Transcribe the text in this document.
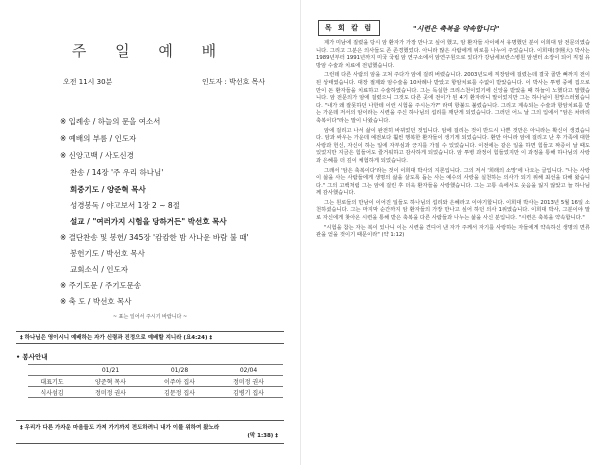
주 일 예 배
오전 11시 30분	인도자 : 박선호 목사
※ 입례송 / 하늘의 문을 여소서
※ 예배의 부름 / 인도자
※ 신앙고백 / 사도신경
찬송 / 14장 '주 우리 하나님'
회중기도 / 양준혁 목사
성경봉독 / 야고보서 1장 2 ~ 8절
설교 / "여러가지 시험을 당하거든" 박선호 목사
※ 결단찬송 및 봉헌/ 345장 '캄캄한 밤 사나운 바람 불 때'
봉헌기도 / 박선호 목사
교회소식 / 인도자
※ 주기도문 / 주기도문송
※ 축 도 / 박선호 목사
~ 표는 일어서 주시기 바랍니다 ~
‡ 하나님은 영이시니 예배하는 자가 신령과 진정으로 예배할 지니라 (요4:24) ‡
• 봉사안내
	01/21	01/28	02/04
대표기도	양준혁 목사	이주아 집사	정미정 권사
식사섬김	정미정 권사	김문정 집사	김병기 집사
‡ 우리가 다른 가자운 마음들도 가져 가기까지 전도하려니 내가 이를 위하여 왔노라
(막 1:38) ‡
목 회 칼 럼	"시련은 축복을 약속합니다"

제가 미남에 질렸을 당시 암 환자가 가장 만나고 싶어 했고, 암 환자들 사이에서 유명했던 분이 이희대 암 전문의였습니다. 그리고 그분은 의사들도 존 존경했었다. 아니라 많은 사람에게 위로를 나누어 주었습니다. 이희대(李熙大) 박사는 1989년부터 1991년까지 미국 국립 암 연구소에서 암연구원으로 있다가 강남세브란스병원 암센터 소장이 되어 직접 유방암 수술과 치료에 전념했습니다.

그런데 다른 사람의 암을 고쳐 주다가 암에 걸려 버렸습니다. 2003년도에 직장암에 걸렸는데 결국 골반 뼈까지 전이된 상태였습니다. 대장 절제와 암수술을 10차례나 받았고 항암치료를 수없이 받았습니다. 이 박사는 투병 중에 집으로만이 돈 환자들을 치료하고 수술하였습니다. 그는 독실한 크리스천이었기에 신앙을 받았을 때 하늘이 노했다고 말했습니다. 암 전문의가 암에 걸렸으니 그것도 다른 곳에 전이가 된 4기 환자라니 말이었지만 그는 하나님이 원망스러웠습니다. "내가 왜 잘못하던 나한테 이런 시험을 주시는가?" 라며 항불드 불렀습니다. 그리고 계속되는 수술과 항암치료를 받는 가운데 저서의 암이라는 시련을 주신 하나님의 섭리를 깨닫게 되었습니다. 그러던 어느 날 그의 입에서 "암은 차라리 축복이다"라는 말이 나왔습니다.

암에 걸리고 나서 삶이 완전히 바뀌었던 것입니다. 암에 걸리는 것이 반드시 나쁜 것만은 아니라는 확신이 생겼습니다. 암과 싸우는 가운데 예전보다 훨씬 행복한 환자들이 생기게 되었습니다. 환만 아니라 암에 걸리고 난 후 가족에 대한 사랑과 헌신, 자신이 하는 일에 자부심과 긍지를 가질 수 있었습니다. 이전에는 같은 일을 하면 힘들고 짜증이 날 때도 있었지만 지금은 힘들어도 즐거워하고 감사하게 되었습니다. 암 투병 과정이 힘들었지만 이 과정을 통해 하나님의 사랑과 은혜를 더 깊이 체험하게 되었습니다.

그래서 '암은 축복이다'라는 것이 이희대 박사의 지론입니다. 그의 저서 '희래의 소망'에 나오는 글입니다. "나는 사랑이 삶을 사는 사람들에게 생명의 삶을 살도록 돕는 사는 예수의 사랑을 실천하는 의사가 되기 위해 최선을 다해 왔습니다." 그의 고백처럼 그는 암에 걸린 후 더욱 환자들을 사랑했습니다. 그는 고통 속에서도 웃음을 잃지 않았고 늘 하나님께 감사했습니다.

그는 원로들의 만남이 이어진 일들도 하나님의 섭리와 은혜라고 이야기합니다. 이희대 박사는 2013년 5월 16일 소천하셨습니다. 그는 마지막 순간까지 암 환자들의 가장 만나고 싶어 하던 의사 1위였습니다. 이희대 박사, 그분이야 말로 자신에게 찾아온 시련을 통해 받은 축복을 다른 사람들과 나누는 삶을 사신 분입니다. "시련은 축복을 약속합니다."

"시험을 참는 자는 복이 있나니 이는 시련을 견디어 낸 자가 주께서 자기를 사랑하는 자들에게 약속하신 생명의 면류관을 얻을 것이기 때문이라" (약 1:12)
